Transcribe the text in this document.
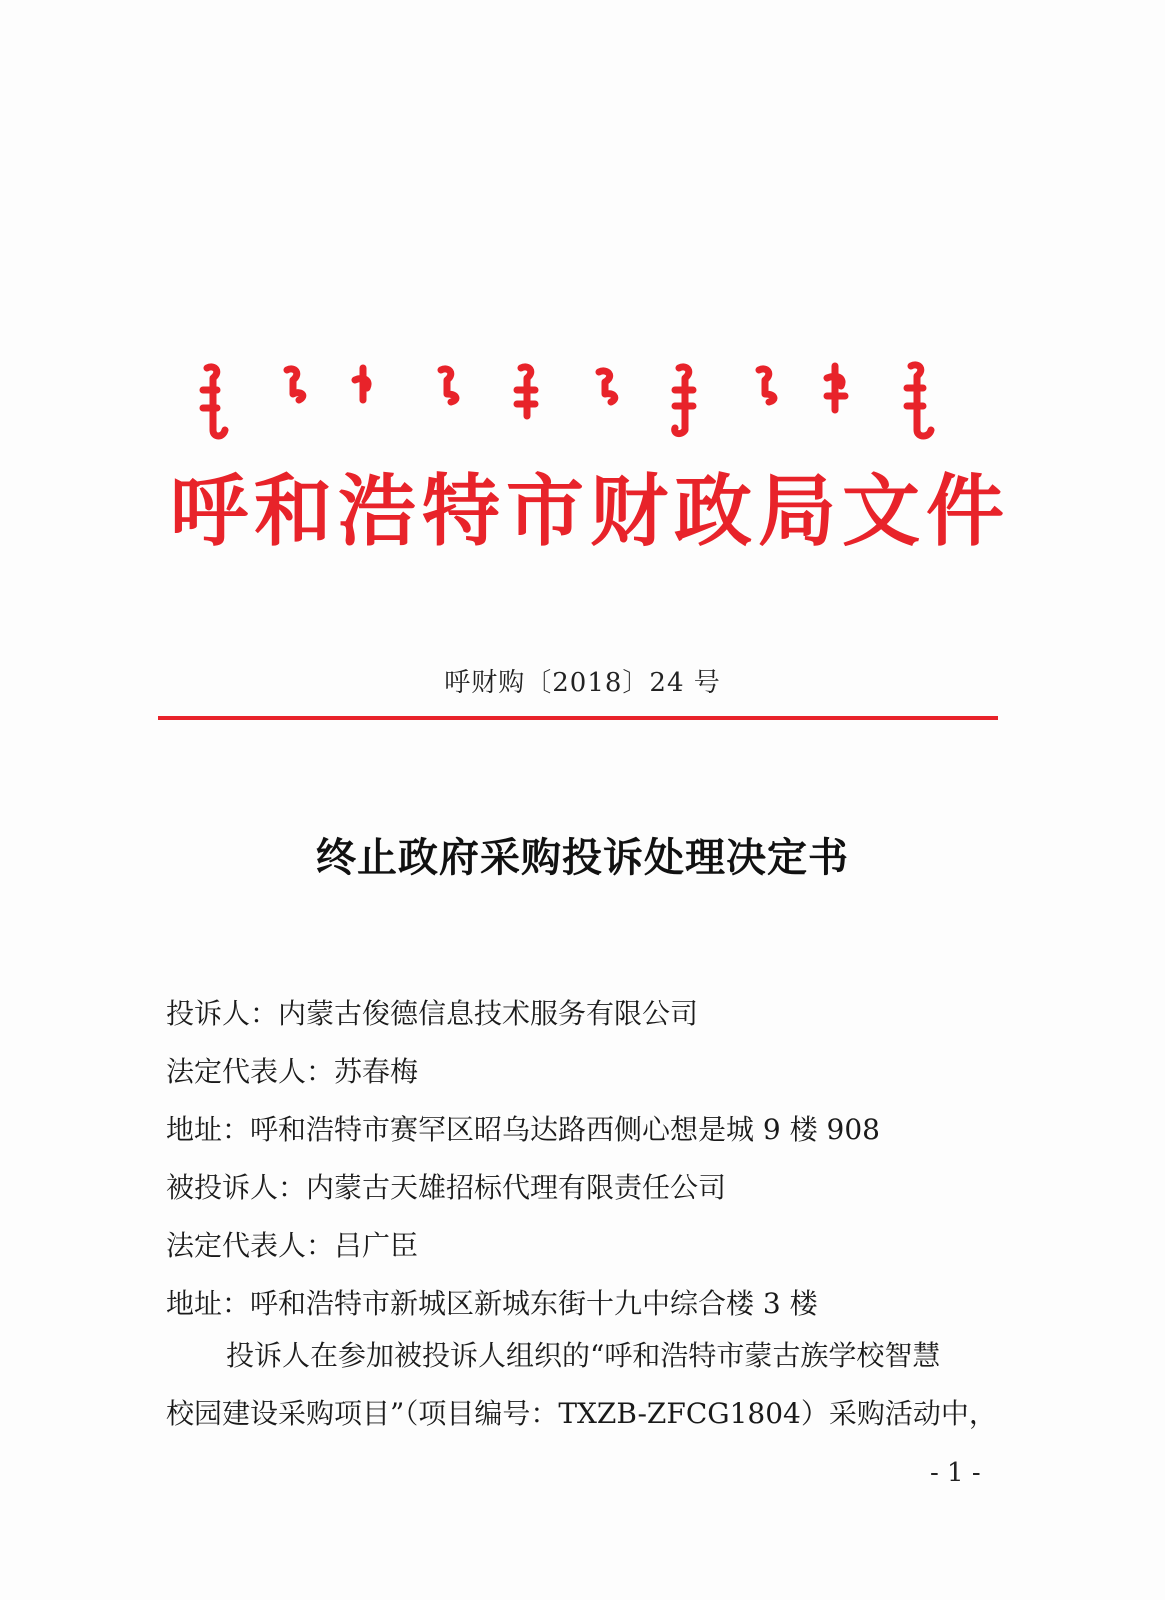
呼和浩特市财政局文件
呼财购〔2018〕24 号
终止政府采购投诉处理决定书
投诉人：内蒙古俊德信息技术服务有限公司
法定代表人：苏春梅
地址：呼和浩特市赛罕区昭乌达路西侧心想是城 9 楼 908
被投诉人：内蒙古天雄招标代理有限责任公司
法定代表人：吕广臣
地址：呼和浩特市新城区新城东街十九中综合楼 3 楼
投诉人在参加被投诉人组织的“呼和浩特市蒙古族学校智慧
校园建设采购项目”（项目编号：TXZB-ZFCG1804）采购活动中，
- 1 -
